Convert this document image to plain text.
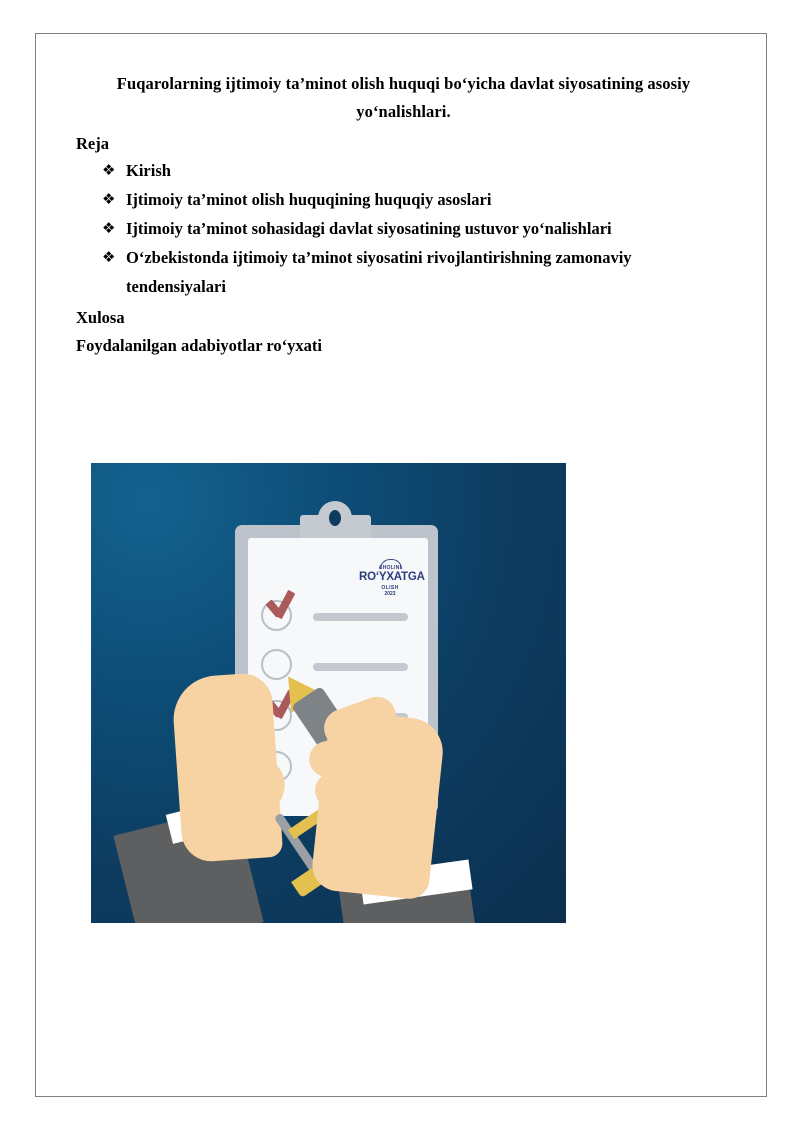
Fuqarolarning ijtimoiy ta’minot olish huquqi bo‘yicha davlat siyosatining asosiy yo‘nalishlari.
Reja
❖ Kirish
❖ Ijtimoiy ta’minot olish huquqining huquqiy asoslari
❖ Ijtimoiy ta’minot sohasidagi davlat siyosatining ustuvor yo‘nalishlari
❖ O‘zbekistonda ijtimoiy ta’minot siyosatini rivojlantirishning zamonaviy tendensiyalari
Xulosa
Foydalanilgan adabiyotlar ro‘yxati
AHOLINI
RO‘YXATGA
OLISH
2023
